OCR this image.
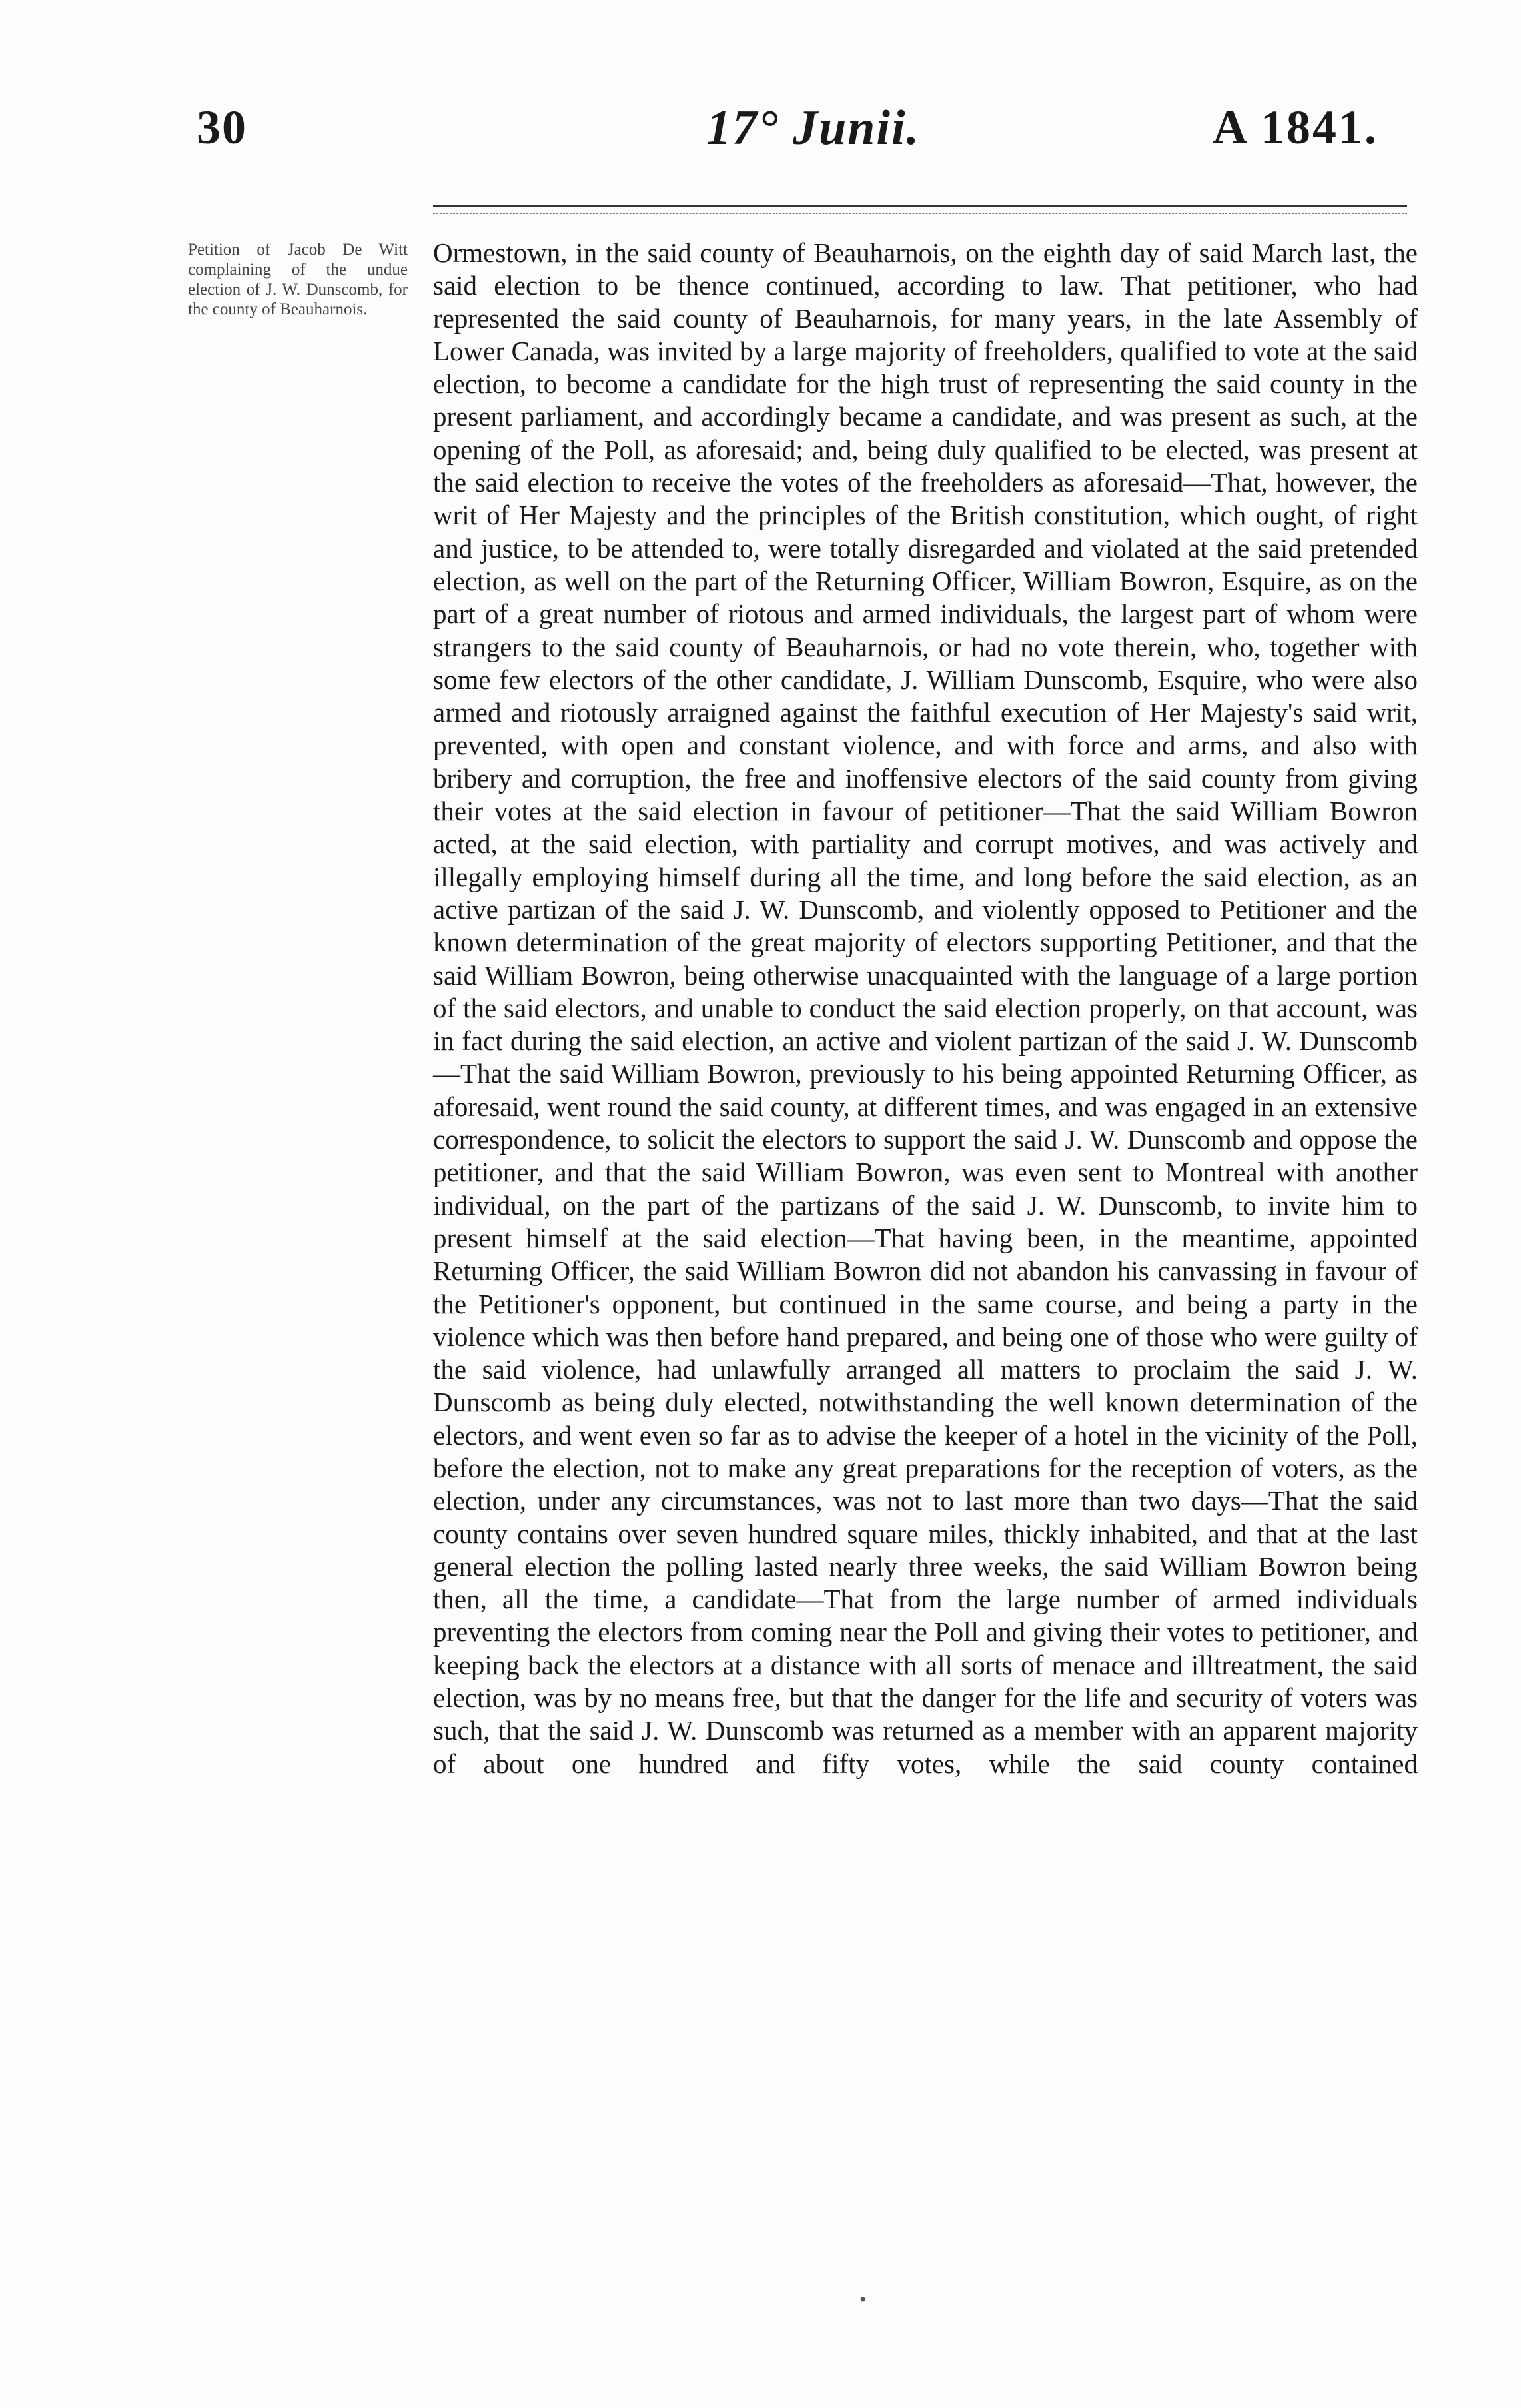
30	17° Junii.	A 1841.
Petition of Jacob De Witt complaining of the undue election of J. W. Dunscomb, for the county of Beauharnois.
Ormestown, in the said county of Beauharnois, on the eighth day of said March last, the said election to be thence continued, according to law. That petitioner, who had represented the said county of Beauharnois, for many years, in the late Assembly of Lower Canada, was invited by a large majority of freeholders, qualified to vote at the said election, to become a candidate for the high trust of representing the said county in the present parliament, and accordingly became a candidate, and was present as such, at the opening of the Poll, as aforesaid; and, being duly qualified to be elected, was present at the said election to receive the votes of the freeholders as aforesaid—That, however, the writ of Her Majesty and the principles of the British constitution, which ought, of right and justice, to be attended to, were totally disregarded and violated at the said pretended election, as well on the part of the Returning Officer, William Bowron, Esquire, as on the part of a great number of riotous and armed individuals, the largest part of whom were strangers to the said county of Beauharnois, or had no vote therein, who, together with some few electors of the other candidate, J. William Dunscomb, Esquire, who were also armed and riotously arraigned against the faithful execution of Her Majesty's said writ, prevented, with open and constant violence, and with force and arms, and also with bribery and corruption, the free and inoffensive electors of the said county from giving their votes at the said election in favour of petitioner—That the said William Bowron acted, at the said election, with partiality and corrupt motives, and was actively and illegally employing himself during all the time, and long before the said election, as an active partizan of the said J. W. Dunscomb, and violently opposed to Petitioner and the known determination of the great majority of electors supporting Petitioner, and that the said William Bowron, being otherwise unacquainted with the language of a large portion of the said electors, and unable to conduct the said election properly, on that account, was in fact during the said election, an active and violent partizan of the said J. W. Dunscomb—That the said William Bowron, previously to his being appointed Returning Officer, as aforesaid, went round the said county, at different times, and was engaged in an extensive correspondence, to solicit the electors to support the said J. W. Dunscomb and oppose the petitioner, and that the said William Bowron, was even sent to Montreal with another individual, on the part of the partizans of the said J. W. Dunscomb, to invite him to present himself at the said election—That having been, in the meantime, appointed Returning Officer, the said William Bowron did not abandon his canvassing in favour of the Petitioner's opponent, but continued in the same course, and being a party in the violence which was then before hand prepared, and being one of those who were guilty of the said violence, had unlawfully arranged all matters to proclaim the said J. W. Dunscomb as being duly elected, notwithstanding the well known determination of the electors, and went even so far as to advise the keeper of a hotel in the vicinity of the Poll, before the election, not to make any great preparations for the reception of voters, as the election, under any circumstances, was not to last more than two days—That the said county contains over seven hundred square miles, thickly inhabited, and that at the last general election the polling lasted nearly three weeks, the said William Bowron being then, all the time, a candidate—That from the large number of armed individuals preventing the electors from coming near the Poll and giving their votes to petitioner, and keeping back the electors at a distance with all sorts of menace and illtreatment, the said election, was by no means free, but that the danger for the life and security of voters was such, that the said J. W. Dunscomb was returned as a member with an apparent majority of about one hundred and fifty votes, while the said county contained
•
